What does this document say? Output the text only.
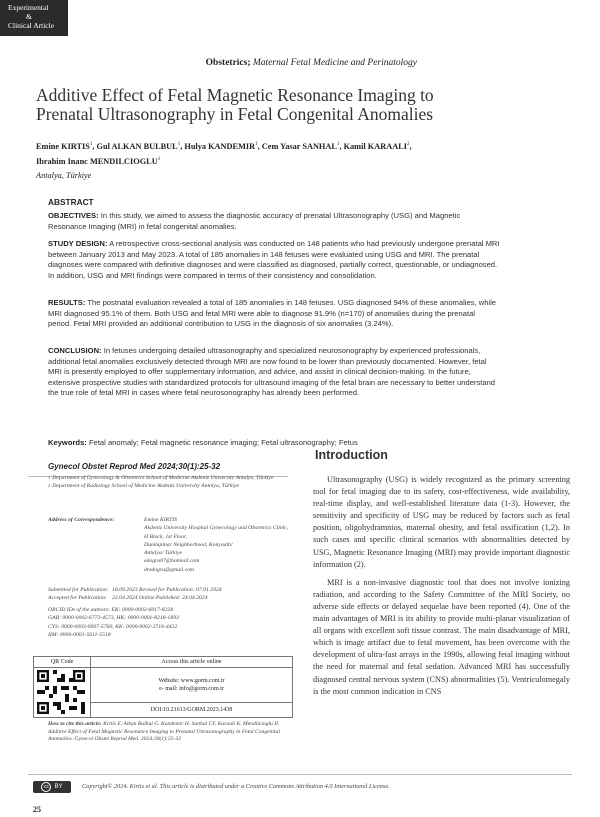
Experimental
&
Clinical Article
Obstetrics; Maternal Fetal Medicine and Perinatology
Additive Effect of Fetal Magnetic Resonance Imaging to Prenatal Ultrasonography in Fetal Congenital Anomalies
Emine KIRTIS$^1$, Gul ALKAN BULBUL$^1$, Hulya KANDEMIR$^1$, Cem Yasar SANHAL$^1$, Kamil KARAALI$^2$,
Ibrahim Inanc MENDILCIOGLU$^1$
Antalya, Türkiye
ABSTRACT
OBJECTIVES: In this study, we aimed to assess the diagnostic accuracy of prenatal Ultrasonography (USG) and Magnetic Resonance Imaging (MRI) in fetal congenital anomalies.
STUDY DESIGN: A retrospective cross-sectional analysis was conducted on 148 patients who had previously undergone prenatal MRI between January 2013 and May 2023. A total of 185 anomalies in 148 fetuses were evaluated using USG and MRI. The prenatal diagnoses were compared with definitive diagnoses and were classified as diagnosed, partially correct, questionable, or undiagnosed. In addition, USG and MRI findings were compared in terms of their consistency and consolidation.
RESULTS: The postnatal evaluation revealed a total of 185 anomalies in 148 fetuses. USG diagnosed 94% of these anomalies, while MRI diagnosed 95.1% of them. Both USG and fetal MRI were able to diagnose 91.9% (n=170) of anomalies during the prenatal period. Fetal MRI provided an additional contribution to USG in the diagnosis of six anomalies (3.24%).
CONCLUSION: In fetuses undergoing detailed ultrasonography and specialized neurosonography by experienced professionals, additional fetal anomalies exclusively detected through MRI are now found to be lower than previously documented. However, fetal MRI is presently employed to offer supplementary information, and advice, and assist in clinical decision-making. In the future, extensive prospective studies with standardized protocols for ultrasound imaging of the fetal brain are necessary to better understand the true role of fetal MRI in cases where fetal neurosonography has already been performed.
Keywords: Fetal anomaly; Fetal magnetic resonance imaging; Fetal ultrasonography; Fetus
Gynecol Obstet Reprod Med 2024;30(1):25-32
1 Department of Gynecology & Obstetrics School of Medicine Akdeniz University Antalya, Türkiye
2 Department of Radiology School of Medicine Akdeniz University Antalya, Türkiye
Address of Correspondence:	Emine KIRTIS
Akdeniz University Hospital Gynecology and Obstetrics Clinic, H Block, 1st Floor,
Dumlupinar Neighborhood, Konyaalti/
Antalya/ Türkiye
edogru07@hotmail.com
dredogru@gmail.com
Submitted for Publication: 18.09.2023 Revised for Publication: 07.01.2024
Accepted for Publication: 22.04.2024 Online Published: 24.04.2024
ORCID IDs of the authors: EK: 0000-0002-6017-8228
GAB: 0000-0002-6773-4573, HK: 0000-0001-8218-1893
CYS: 0000-0003-0007-5760, KK: 0000-0002-2716-4422
IIM: 0000-0001-5611-5518
QR Code	Access this article online
Website: www.gorm.com.tr
e- mail: info@gorm.com.tr
DOI:10.21613/GORM.2023.1438
How to cite this article: Kirtis E. Alkan Bulbul G. Kandemir H. Sanhal CY. Karaali K. Mendilcioglu II. Additive Effect of Fetal Magnetic Resonance Imaging to Prenatal Ultrasonography in Fetal Congenital Anomalies. Gynecol Obstet Reprod Med. 2024;30(1):25-32
Introduction

Ultrasonography (USG) is widely recognized as the primary screening tool for fetal imaging due to its safety, cost-effectiveness, wide availability, real-time display, and well-established literature data (1-3). However, the sensitivity and specificity of USG may be reduced by factors such as fetal position, oligohydramnios, maternal obesity, and fetal ossification (1,2). In such cases and specific clinical scenarios with abnormalities detected by USG, Magnetic Resonance Imaging (MRI) may provide important diagnostic information (2).

MRI is a non-invasive diagnostic tool that does not involve ionizing radiation, and according to the Safety Committee of the MRI Society, no adverse side effects or delayed sequelae have been reported (4). One of the main advantages of MRI is its ability to provide multi-planar visualization of all organs with excellent soft tissue contrast. The main disadvantage of MRI, which is image artifact due to fetal movement, has been overcome with the development of ultra-fast arrays in the 1990s, allowing fetal imaging without the need for maternal and fetal sedation. Advanced MRI has successfully diagnosed central nervous system (CNS) abnormalities (5). Ventriculomegaly is the most common indication in CNS

cc BY	Copyright© 2024. Kirtis et al. This article is distributed under a Creative Commons Attribution 4.0 International License.
25
